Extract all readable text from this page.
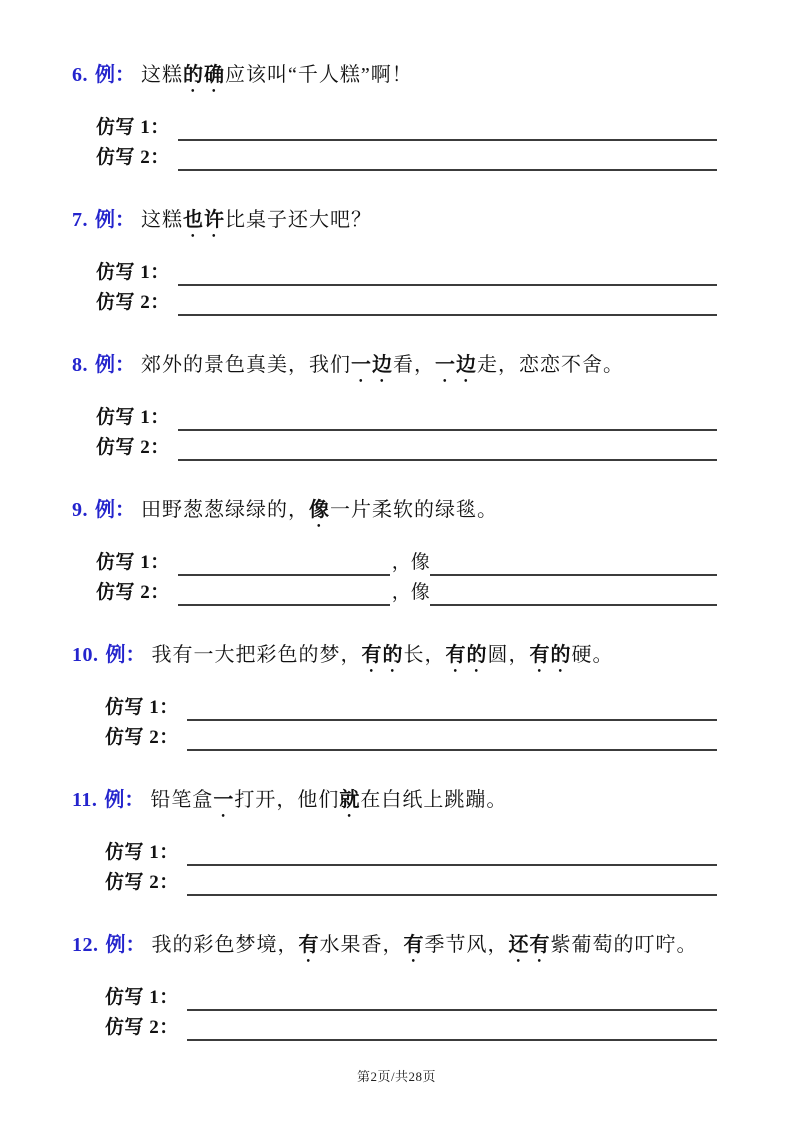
6. 例： 这糕的确应该叫“千人糕”啊！
仿写 1：
仿写 2：
7. 例： 这糕也许比桌子还大吧？
仿写 1：
仿写 2：
8. 例： 郊外的景色真美，我们一边看，一边走，恋恋不舍。
仿写 1：
仿写 2：
9. 例： 田野葱葱绿绿的，像一片柔软的绿毯。
仿写 1：	，像
仿写 2：	，像
10. 例： 我有一大把彩色的梦，有的长，有的圆，有的硬。
仿写 1：
仿写 2：
11. 例： 铅笔盒一打开，他们就在白纸上跳蹦。
仿写 1：
仿写 2：
12. 例： 我的彩色梦境，有水果香，有季节风，还有紫葡萄的叮咛。
仿写 1：
仿写 2：
第2页/共28页
